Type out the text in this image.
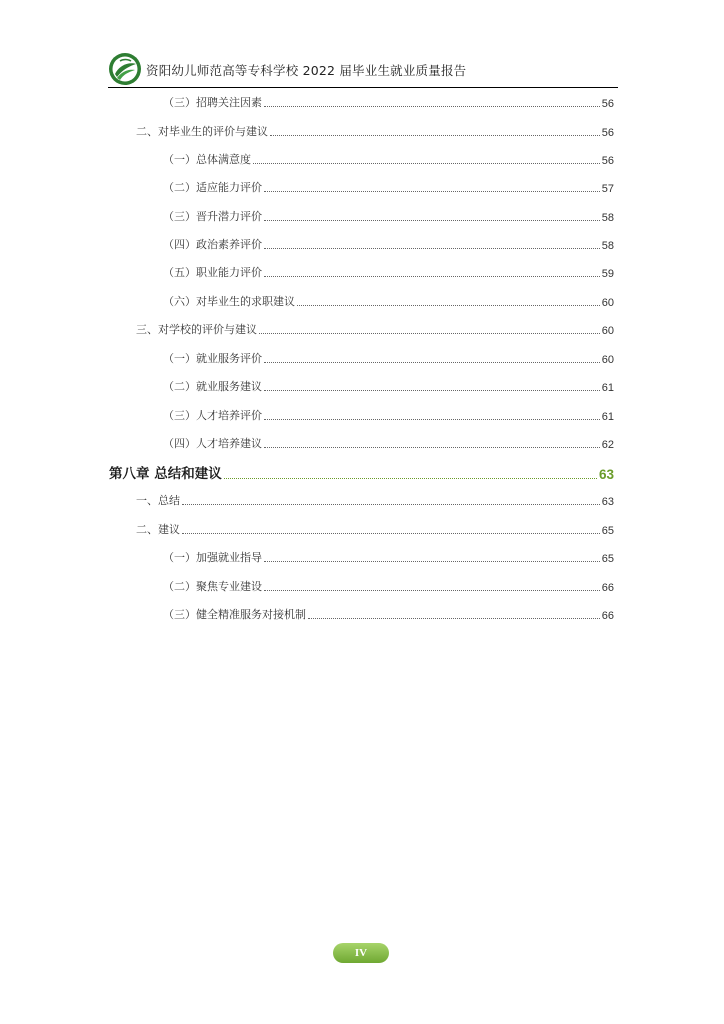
资阳幼儿师范高等专科学校 2022 届毕业生就业质量报告
（三）招聘关注因素	56
二、对毕业生的评价与建议	56
（一）总体满意度	56
（二）适应能力评价	57
（三）晋升潜力评价	58
（四）政治素养评价	58
（五）职业能力评价	59
（六）对毕业生的求职建议	60
三、对学校的评价与建议	60
（一）就业服务评价	60
（二）就业服务建议	61
（三）人才培养评价	61
（四）人才培养建议	62
第八章 总结和建议	63
一、总结	63
二、建议	65
（一）加强就业指导	65
（二）聚焦专业建设	66
（三）健全精准服务对接机制	66
IV
